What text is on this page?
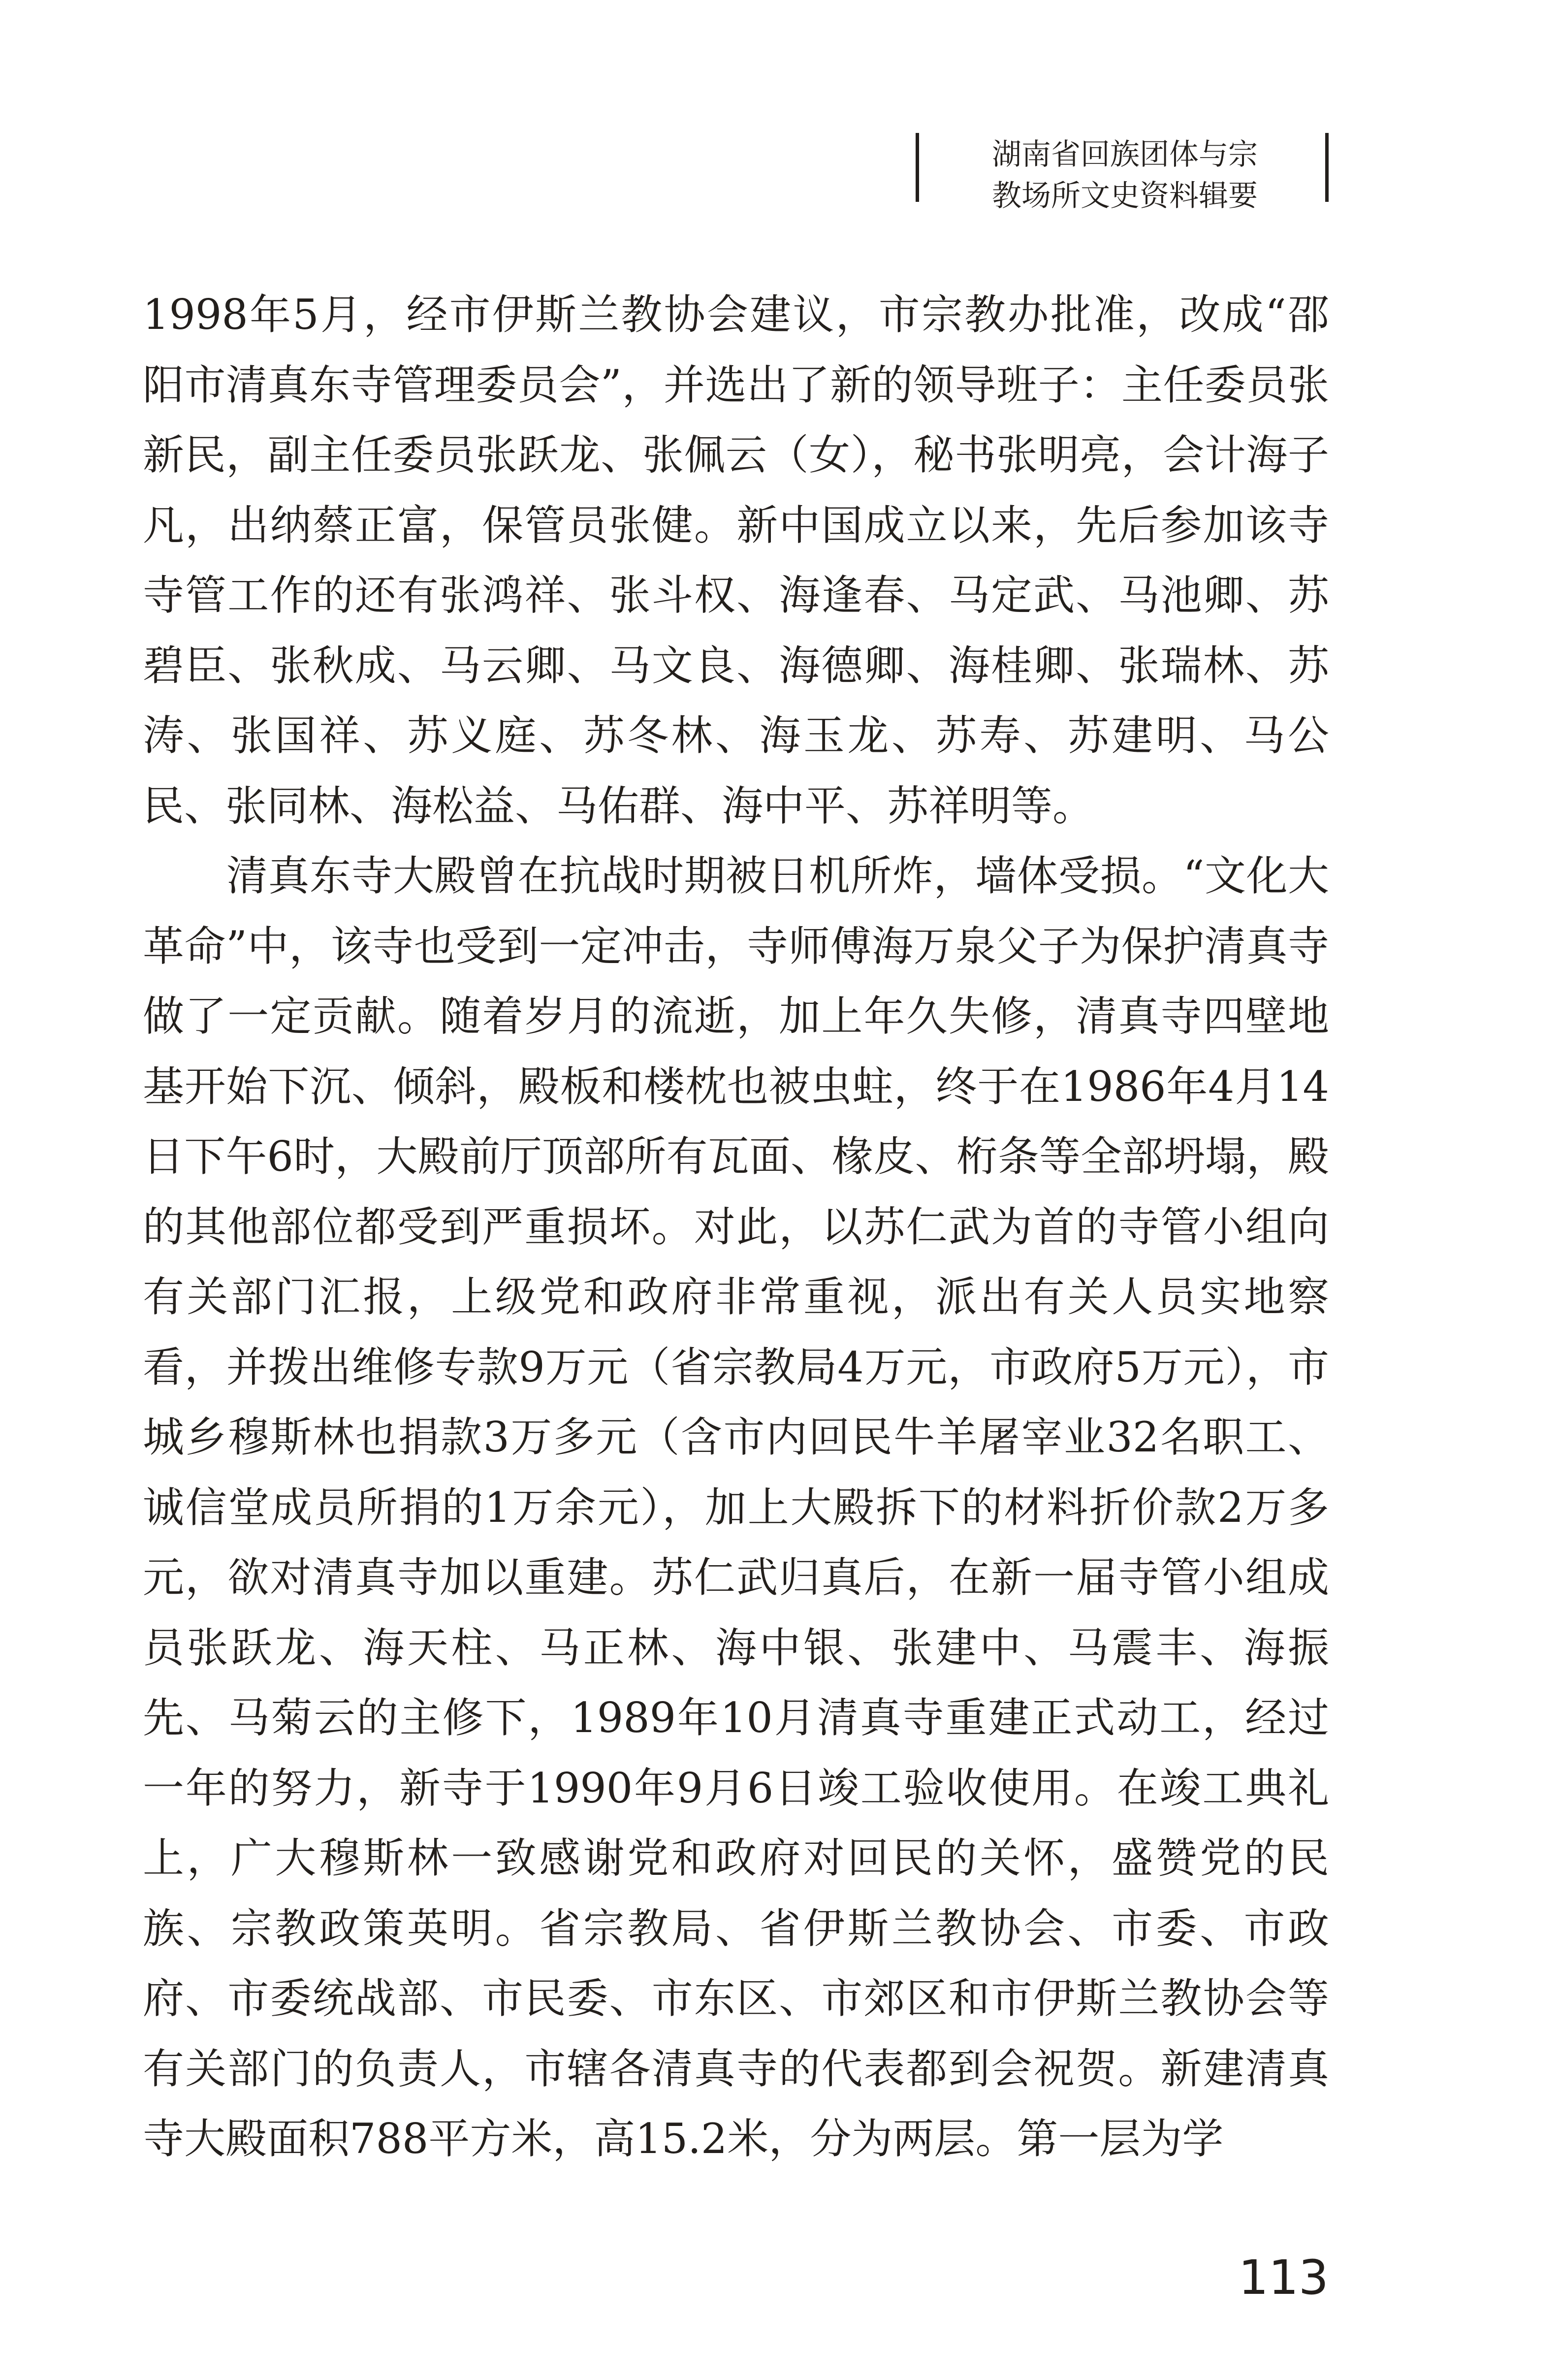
湖南省回族团体与宗
教场所文史资料辑要

1998年5月，经市伊斯兰教协会建议，市宗教办批准，改成“邵阳市清真东寺管理委员会”，并选出了新的领导班子：主任委员张新民，副主任委员张跃龙、张佩云（女），秘书张明亮，会计海子凡，出纳蔡正富，保管员张健。新中国成立以来，先后参加该寺寺管工作的还有张鸿祥、张斗权、海逢春、马定武、马池卿、苏碧臣、张秋成、马云卿、马文良、海德卿、海桂卿、张瑞林、苏涛、张国祥、苏义庭、苏冬林、海玉龙、苏寿、苏建明、马公民、张同林、海松益、马佑群、海中平、苏祥明等。

清真东寺大殿曾在抗战时期被日机所炸，墙体受损。“文化大革命”中，该寺也受到一定冲击，寺师傅海万泉父子为保护清真寺做了一定贡献。随着岁月的流逝，加上年久失修，清真寺四壁地基开始下沉、倾斜，殿板和楼枕也被虫蛀，终于在1986年4月14日下午6时，大殿前厅顶部所有瓦面、椽皮、桁条等全部坍塌，殿的其他部位都受到严重损坏。对此，以苏仁武为首的寺管小组向有关部门汇报，上级党和政府非常重视，派出有关人员实地察看，并拨出维修专款9万元（省宗教局4万元，市政府5万元），市城乡穆斯林也捐款3万多元（含市内回民牛羊屠宰业32名职工、诚信堂成员所捐的1万余元），加上大殿拆下的材料折价款2万多元，欲对清真寺加以重建。苏仁武归真后，在新一届寺管小组成员张跃龙、海天柱、马正林、海中银、张建中、马震丰、海振先、马菊云的主修下，1989年10月清真寺重建正式动工，经过一年的努力，新寺于1990年9月6日竣工验收使用。在竣工典礼上，广大穆斯林一致感谢党和政府对回民的关怀，盛赞党的民族、宗教政策英明。省宗教局、省伊斯兰教协会、市委、市政府、市委统战部、市民委、市东区、市郊区和市伊斯兰教协会等有关部门的负责人，市辖各清真寺的代表都到会祝贺。新建清真寺大殿面积788平方米，高15.2米，分为两层。第一层为学

113
